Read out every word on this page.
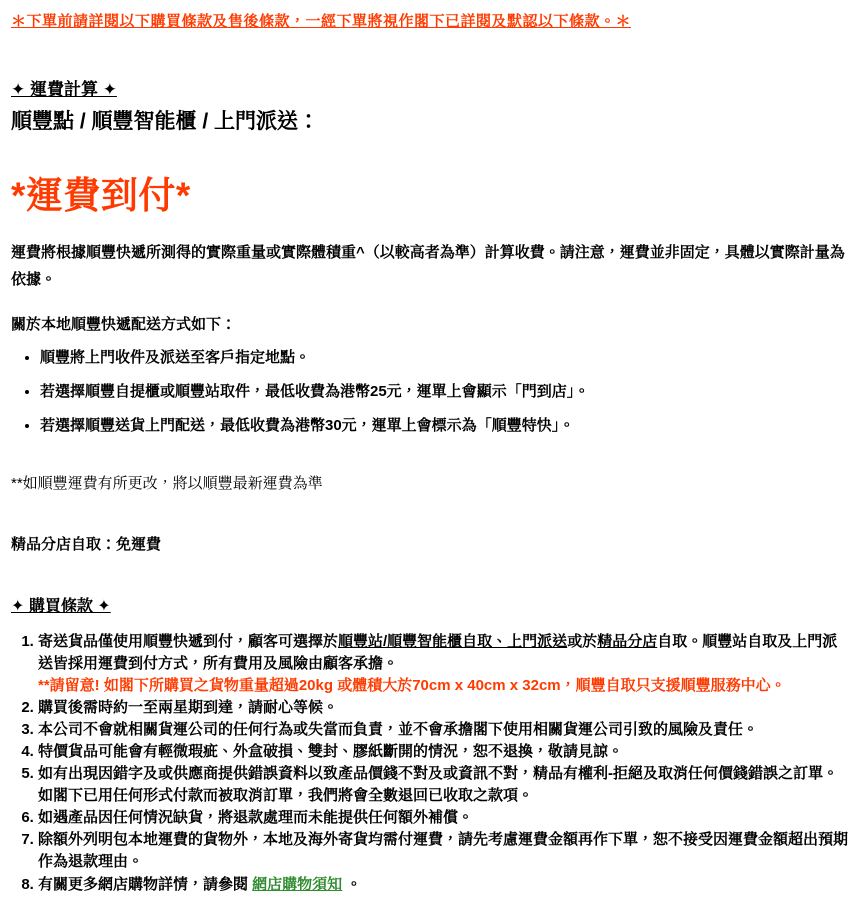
＊下單前請詳閱以下購買條款及售後條款，一經下單將視作閣下已詳閱及默認以下條款。＊
✦ 運費計算 ✦
順豐點 / 順豐智能櫃 / 上門派送：
*運費到付*

運費將根據順豐快遞所測得的實際重量或實際體積重^（以較高者為準）計算收費。請注意，運費並非固定，具體以實際計量為依據。

關於本地順豐快遞配送方式如下：
• 順豐將上門收件及派送至客戶指定地點。
• 若選擇順豐自提櫃或順豐站取件，最低收費為港幣25元，運單上會顯示「門到店」。
• 若選擇順豐送貨上門配送，最低收費為港幣30元，運單上會標示為「順豐特快」。
**如順豐運費有所更改，將以順豐最新運費為準
精品分店自取：免運費
✦ 購買條款 ✦
1. 寄送貨品僅使用順豐快遞到付，顧客可選擇於順豐站/順豐智能櫃自取、上門派送或於精品分店自取。順豐站自取及上門派送皆採用運費到付方式，所有費用及風險由顧客承擔。
**請留意! 如閣下所購買之貨物重量超過20kg 或體積大於70cm x 40cm x 32cm，順豐自取只支援順豐服務中心。
2. 購買後需時約一至兩星期到達，請耐心等候。
3. 本公司不會就相關貨運公司的任何行為或失當而負責，並不會承擔閣下使用相關貨運公司引致的風險及責任。
4. 特價貨品可能會有輕微瑕疵、外盒破損、雙封、膠紙斷開的情況，恕不退換，敬請見諒。
5. 如有出現因錯字及或供應商提供錯誤資料以致產品價錢不對及或資訊不對，精品有權利-拒絕及取消任何價錢錯誤之訂單。如閣下已用任何形式付款而被取消訂單，我們將會全數退回已收取之款項。
6. 如遇產品因任何情況缺貨，將退款處理而未能提供任何額外補償。
7. 除額外列明包本地運費的貨物外，本地及海外寄貨均需付運費，請先考慮運費金額再作下單，恕不接受因運費金額超出預期作為退款理由。
8. 有關更多網店購物詳情，請參閱 網店購物須知 。
